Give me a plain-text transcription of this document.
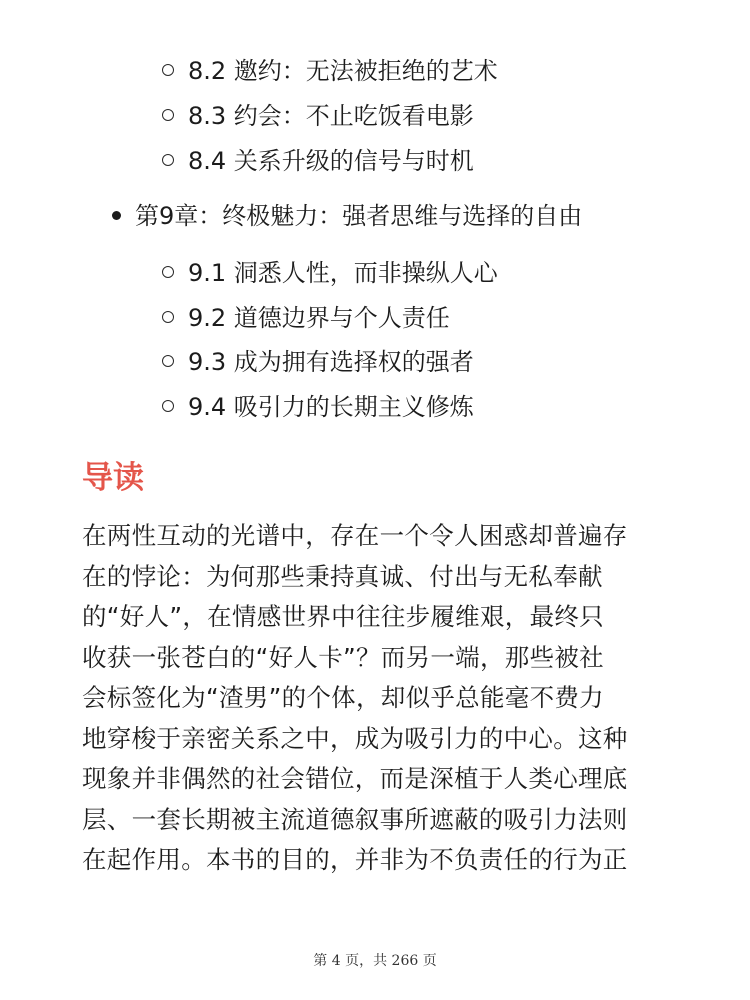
8.2 邀约：无法被拒绝的艺术
8.3 约会：不止吃饭看电影
8.4 关系升级的信号与时机
第9章：终极魅力：强者思维与选择的自由
9.1 洞悉人性，而非操纵人心
9.2 道德边界与个人责任
9.3 成为拥有选择权的强者
9.4 吸引力的长期主义修炼
导读
在两性互动的光谱中，存在一个令人困惑却普遍存
在的悖论：为何那些秉持真诚、付出与无私奉献
的“好人”，在情感世界中往往步履维艰，最终只
收获一张苍白的“好人卡”？而另一端，那些被社
会标签化为“渣男”的个体，却似乎总能毫不费力
地穿梭于亲密关系之中，成为吸引力的中心。这种
现象并非偶然的社会错位，而是深植于人类心理底
层、一套长期被主流道德叙事所遮蔽的吸引力法则
在起作用。本书的目的，并非为不负责任的行为正
第 4 页，共 266 页
